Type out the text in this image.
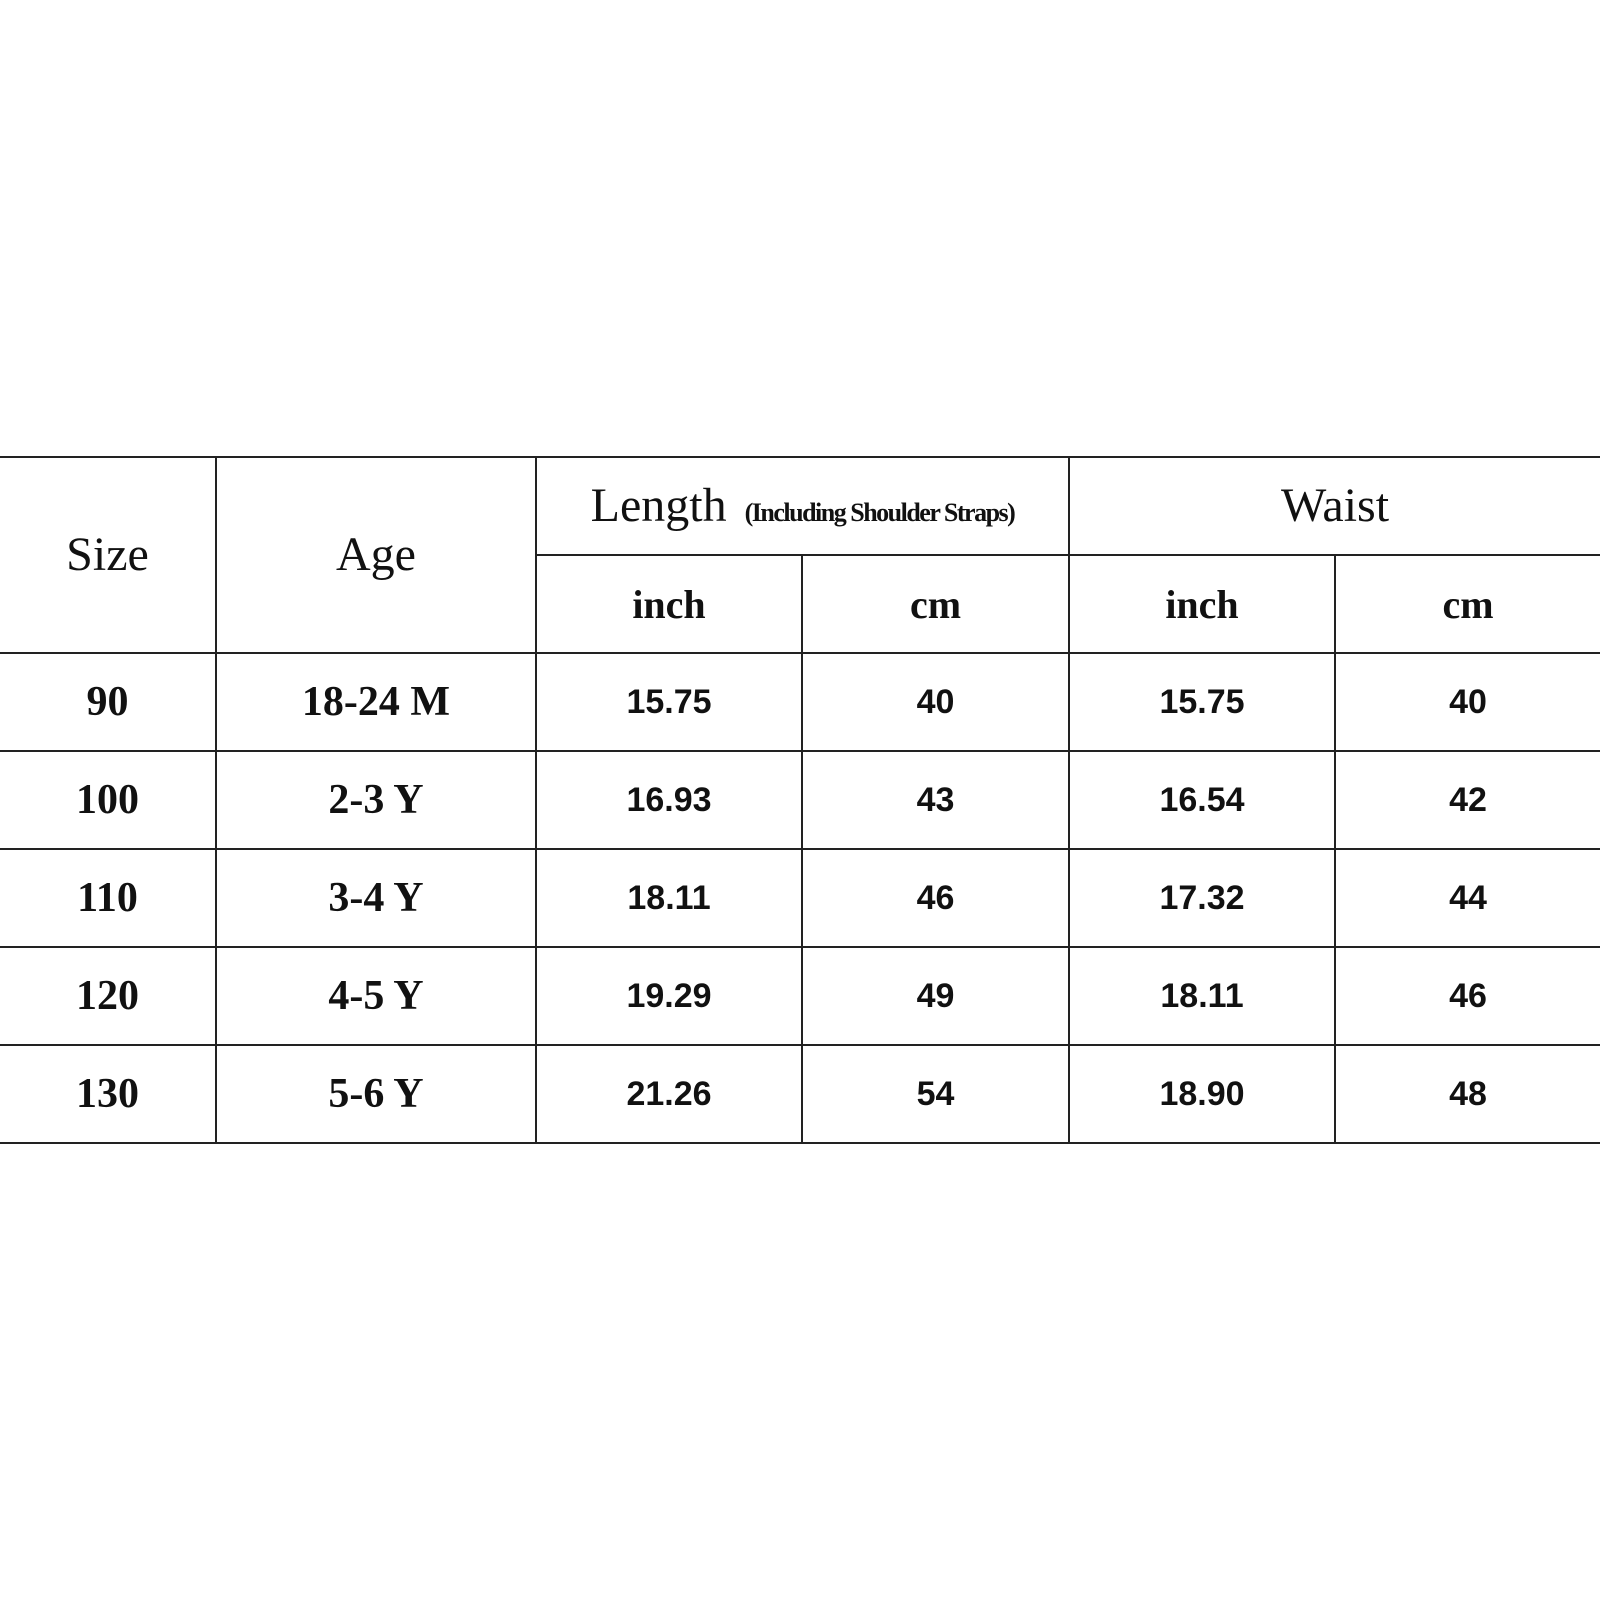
Size	Age
Length (Including Shoulder Straps)	Waist
inch	cm	inch	cm
90	18-24 M	15.75	40	15.75	40
100	2-3 Y	16.93	43	16.54	42
110	3-4 Y	18.11	46	17.32	44
120	4-5 Y	19.29	49	18.11	46
130	5-6 Y	21.26	54	18.90	48
